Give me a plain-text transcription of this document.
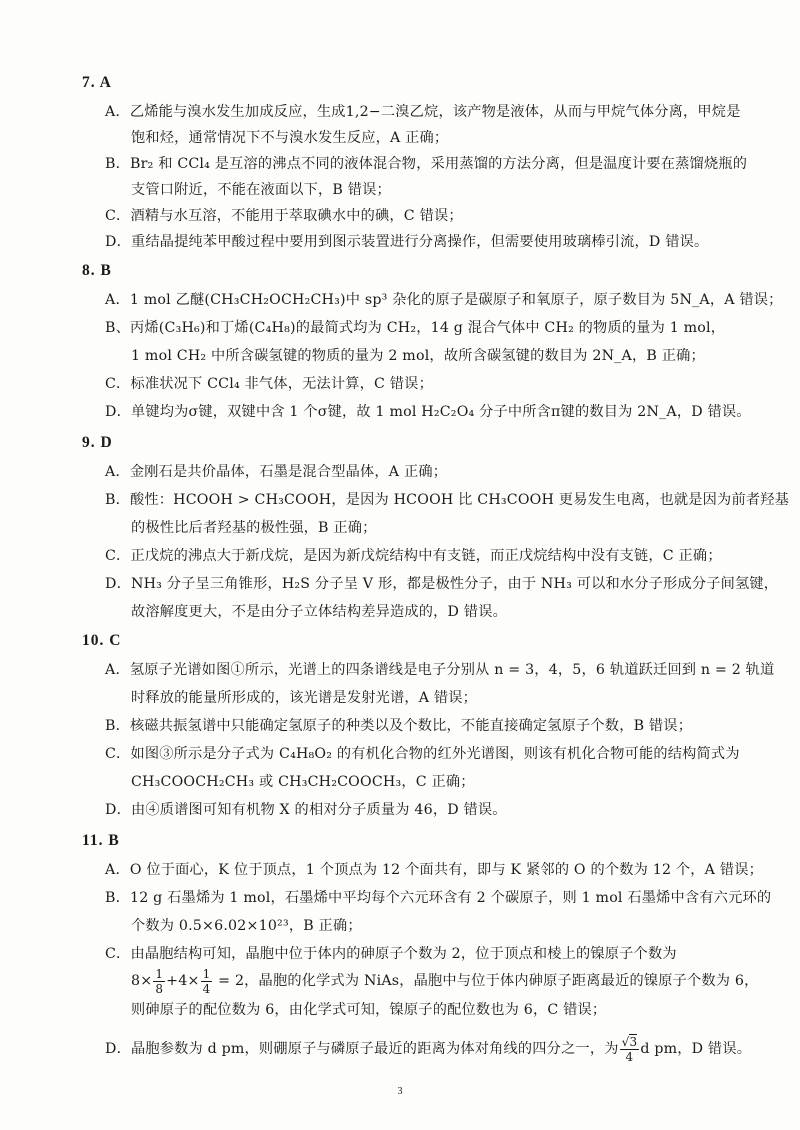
7. A
A．乙烯能与溴水发生加成反应，生成1,2−二溴乙烷，该产物是液体，从而与甲烷气体分离，甲烷是
饱和烃，通常情况下不与溴水发生反应，A 正确；
B．Br₂ 和 CCl₄ 是互溶的沸点不同的液体混合物，采用蒸馏的方法分离，但是温度计要在蒸馏烧瓶的
支管口附近，不能在液面以下，B 错误；
C．酒精与水互溶，不能用于萃取碘水中的碘，C 错误；
D．重结晶提纯苯甲酸过程中要用到图示装置进行分离操作，但需要使用玻璃棒引流，D 错误。
8. B
A．1 mol 乙醚(CH₃CH₂OCH₂CH₃)中 sp³ 杂化的原子是碳原子和氧原子，原子数目为 5N_A，A 错误；
B、丙烯(C₃H₆)和丁烯(C₄H₈)的最简式均为 CH₂，14 g 混合气体中 CH₂ 的物质的量为 1 mol，
1 mol CH₂ 中所含碳氢键的物质的量为 2 mol，故所含碳氢键的数目为 2N_A，B 正确；
C．标准状况下 CCl₄ 非气体，无法计算，C 错误；
D．单键均为σ键，双键中含 1 个σ键，故 1 mol H₂C₂O₄ 分子中所含π键的数目为 2N_A，D 错误。
9. D
A．金刚石是共价晶体，石墨是混合型晶体，A 正确；
B．酸性：HCOOH > CH₃COOH，是因为 HCOOH 比 CH₃COOH 更易发生电离，也就是因为前者羟基
的极性比后者羟基的极性强，B 正确；
C．正戊烷的沸点大于新戊烷，是因为新戊烷结构中有支链，而正戊烷结构中没有支链，C 正确；
D．NH₃ 分子呈三角锥形，H₂S 分子呈 V 形，都是极性分子，由于 NH₃ 可以和水分子形成分子间氢键，
故溶解度更大，不是由分子立体结构差异造成的，D 错误。
10. C
A．氢原子光谱如图①所示，光谱上的四条谱线是电子分别从 n = 3，4，5，6 轨道跃迁回到 n = 2 轨道
时释放的能量所形成的，该光谱是发射光谱，A 错误；
B．核磁共振氢谱中只能确定氢原子的种类以及个数比，不能直接确定氢原子个数，B 错误；
C．如图③所示是分子式为 C₄H₈O₂ 的有机化合物的红外光谱图，则该有机化合物可能的结构简式为
CH₃COOCH₂CH₃ 或 CH₃CH₂COOCH₃，C 正确；
D．由④质谱图可知有机物 X 的相对分子质量为 46，D 错误。
11. B
A．O 位于面心，K 位于顶点，1 个顶点为 12 个面共有，即与 K 紧邻的 O 的个数为 12 个，A 错误；
B．12 g 石墨烯为 1 mol，石墨烯中平均每个六元环含有 2 个碳原子，则 1 mol 石墨烯中含有六元环的
个数为 0.5×6.02×10²³，B 正确；
C．由晶胞结构可知，晶胞中位于体内的砷原子个数为 2，位于顶点和棱上的镍原子个数为
$8\times \frac{1}{8} +4\times \frac{1}{4} = 2$，晶胞的化学式为 NiAs，晶胞中与位于体内砷原子距离最近的镍原子个数为 6，
则砷原子的配位数为 6，由化学式可知，镍原子的配位数也为 6，C 错误；
D．晶胞参数为 d pm，则硼原子与磷原子最近的距离为体对角线的四分之一，为 $\frac{√3}{4}$ d pm，D 错误。
3
